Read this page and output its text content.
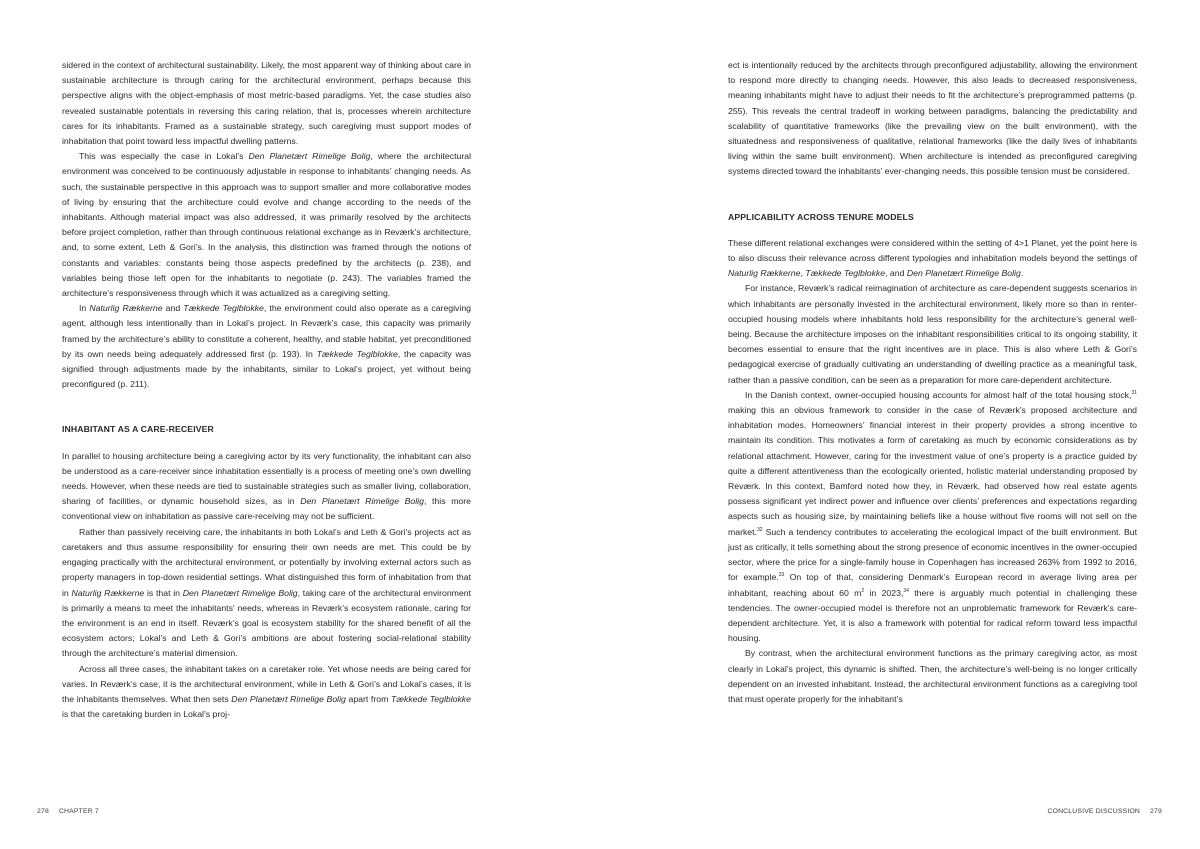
sidered in the context of architectural sustainability. Likely, the most apparent way of thinking about care in sustainable architecture is through caring for the architectural environment, perhaps because this perspective aligns with the object-emphasis of most metric-based paradigms. Yet, the case studies also revealed sustainable potentials in reversing this caring relation, that is, processes wherein architecture cares for its inhabitants. Framed as a sustainable strategy, such caregiving must support modes of inhabitation that point toward less impactful dwelling patterns.

This was especially the case in Lokal’s Den Planetært Rimelige Bolig, where the architectural environment was conceived to be continuously adjustable in response to inhabitants’ changing needs. As such, the sustainable perspective in this approach was to support smaller and more collaborative modes of living by ensuring that the architecture could evolve and change according to the needs of the inhabitants. Although material impact was also addressed, it was primarily resolved by the architects before project completion, rather than through continuous relational exchange as in Reværk’s architecture, and, to some extent, Leth & Gori’s. In the analysis, this distinction was framed through the notions of constants and variables: constants being those aspects predefined by the architects (p. 238), and variables being those left open for the inhabitants to negotiate (p. 243). The variables framed the architecture’s responsiveness through which it was actualized as a caregiving setting.

In Naturlig Rækkerne and Tækkede Teglblokke, the environment could also operate as a caregiving agent, although less intentionally than in Lokal’s project. In Reværk’s case, this capacity was primarily framed by the architecture’s ability to constitute a coherent, healthy, and stable habitat, yet preconditioned by its own needs being adequately addressed first (p. 193). In Tækkede Teglblokke, the capacity was signified through adjustments made by the inhabitants, similar to Lokal’s project, yet without being preconfigured (p. 211).

INHABITANT AS A CARE-RECEIVER

In parallel to housing architecture being a caregiving actor by its very functionality, the inhabitant can also be understood as a care-receiver since inhabitation essentially is a process of meeting one’s own dwelling needs. However, when these needs are tied to sustainable strategies such as smaller living, collaboration, sharing of facilities, or dynamic household sizes, as in Den Planetært Rimelige Bolig, this more conventional view on inhabitation as passive care-receiving may not be sufficient.

Rather than passively receiving care, the inhabitants in both Lokal’s and Leth & Gori’s projects act as caretakers and thus assume responsibility for ensuring their own needs are met. This could be by engaging practically with the architectural environment, or potentially by involving external actors such as property managers in top-down residential settings. What distinguished this form of inhabitation from that in Naturlig Rækkerne is that in Den Planetært Rimelige Bolig, taking care of the architectural environment is primarily a means to meet the inhabitants’ needs, whereas in Reværk’s ecosystem rationale, caring for the environment is an end in itself. Reværk’s goal is ecosystem stability for the shared benefit of all the ecosystem actors; Lokal’s and Leth & Gori’s ambitions are about fostering social-relational stability through the architecture’s material dimension.

Across all three cases, the inhabitant takes on a caretaker role. Yet whose needs are being cared for varies. In Reværk’s case, it is the architectural environment, while in Leth & Gori’s and Lokal’s cases, it is the inhabitants themselves. What then sets Den Planetært Rimelige Bolig apart from Tækkede Teglblokke is that the caretaking burden in Lokal’s proj-

278 CHAPTER 7

ect is intentionally reduced by the architects through preconfigured adjustability, allowing the environment to respond more directly to changing needs. However, this also leads to decreased responsiveness, meaning inhabitants might have to adjust their needs to fit the architecture’s preprogrammed patterns (p. 255). This reveals the central tradeoff in working between paradigms, balancing the predictability and scalability of quantitative frameworks (like the prevailing view on the built environment), with the situatedness and responsiveness of qualitative, relational frameworks (like the daily lives of inhabitants living within the same built environment). When architecture is intended as preconfigured caregiving systems directed toward the inhabitants’ ever-changing needs, this possible tension must be considered.

APPLICABILITY ACROSS TENURE MODELS

These different relational exchanges were considered within the setting of 4>1 Planet, yet the point here is to also discuss their relevance across different typologies and inhabitation models beyond the settings of Naturlig Rækkerne, Tækkede Teglblokke, and Den Planetært Rimelige Bolig.

For instance, Reværk’s radical reimagination of architecture as care-dependent suggests scenarios in which inhabitants are personally invested in the architectural environment, likely more so than in renter-occupied housing models where inhabitants hold less responsibility for the architecture’s general well-being. Because the architecture imposes on the inhabitant responsibilities critical to its ongoing stability, it becomes essential to ensure that the right incentives are in place. This is also where Leth & Gori’s pedagogical exercise of gradually cultivating an understanding of dwelling practice as a meaningful task, rather than a passive condition, can be seen as a preparation for more care-dependent architecture.

In the Danish context, owner-occupied housing accounts for almost half of the total housing stock,$^{31}$ making this an obvious framework to consider in the case of Reværk’s proposed architecture and inhabitation modes. Homeowners’ financial interest in their property provides a strong incentive to maintain its condition. This motivates a form of caretaking as much by economic considerations as by relational attachment. However, caring for the investment value of one’s property is a practice guided by quite a different attentiveness than the ecologically oriented, holistic material understanding proposed by Reværk. In this context, Bamford noted how they, in Reværk, had observed how real estate agents possess significant yet indirect power and influence over clients’ preferences and expectations regarding aspects such as housing size, by maintaining beliefs like a house without five rooms will not sell on the market.$^{32}$ Such a tendency contributes to accelerating the ecological impact of the built environment. But just as critically, it tells something about the strong presence of economic incentives in the owner-occupied sector, where the price for a single-family house in Copenhagen has increased 263% from 1992 to 2016, for example.$^{33}$ On top of that, considering Denmark’s European record in average living area per inhabitant, reaching about 60 $m^2$ in 2023,34 there is arguably much potential in challenging these tendencies. The owner-occupied model is therefore not an unproblematic framework for Reværk’s care-dependent architecture. Yet, it is also a framework with potential for radical reform toward less impactful housing.

By contrast, when the architectural environment functions as the primary caregiving actor, as most clearly in Lokal’s project, this dynamic is shifted. Then, the architecture’s well-being is no longer critically dependent on an invested inhabitant. Instead, the architectural environment functions as a caregiving tool that must operate properly for the inhabitant’s

CONCLUSIVE DISCUSSION 279
